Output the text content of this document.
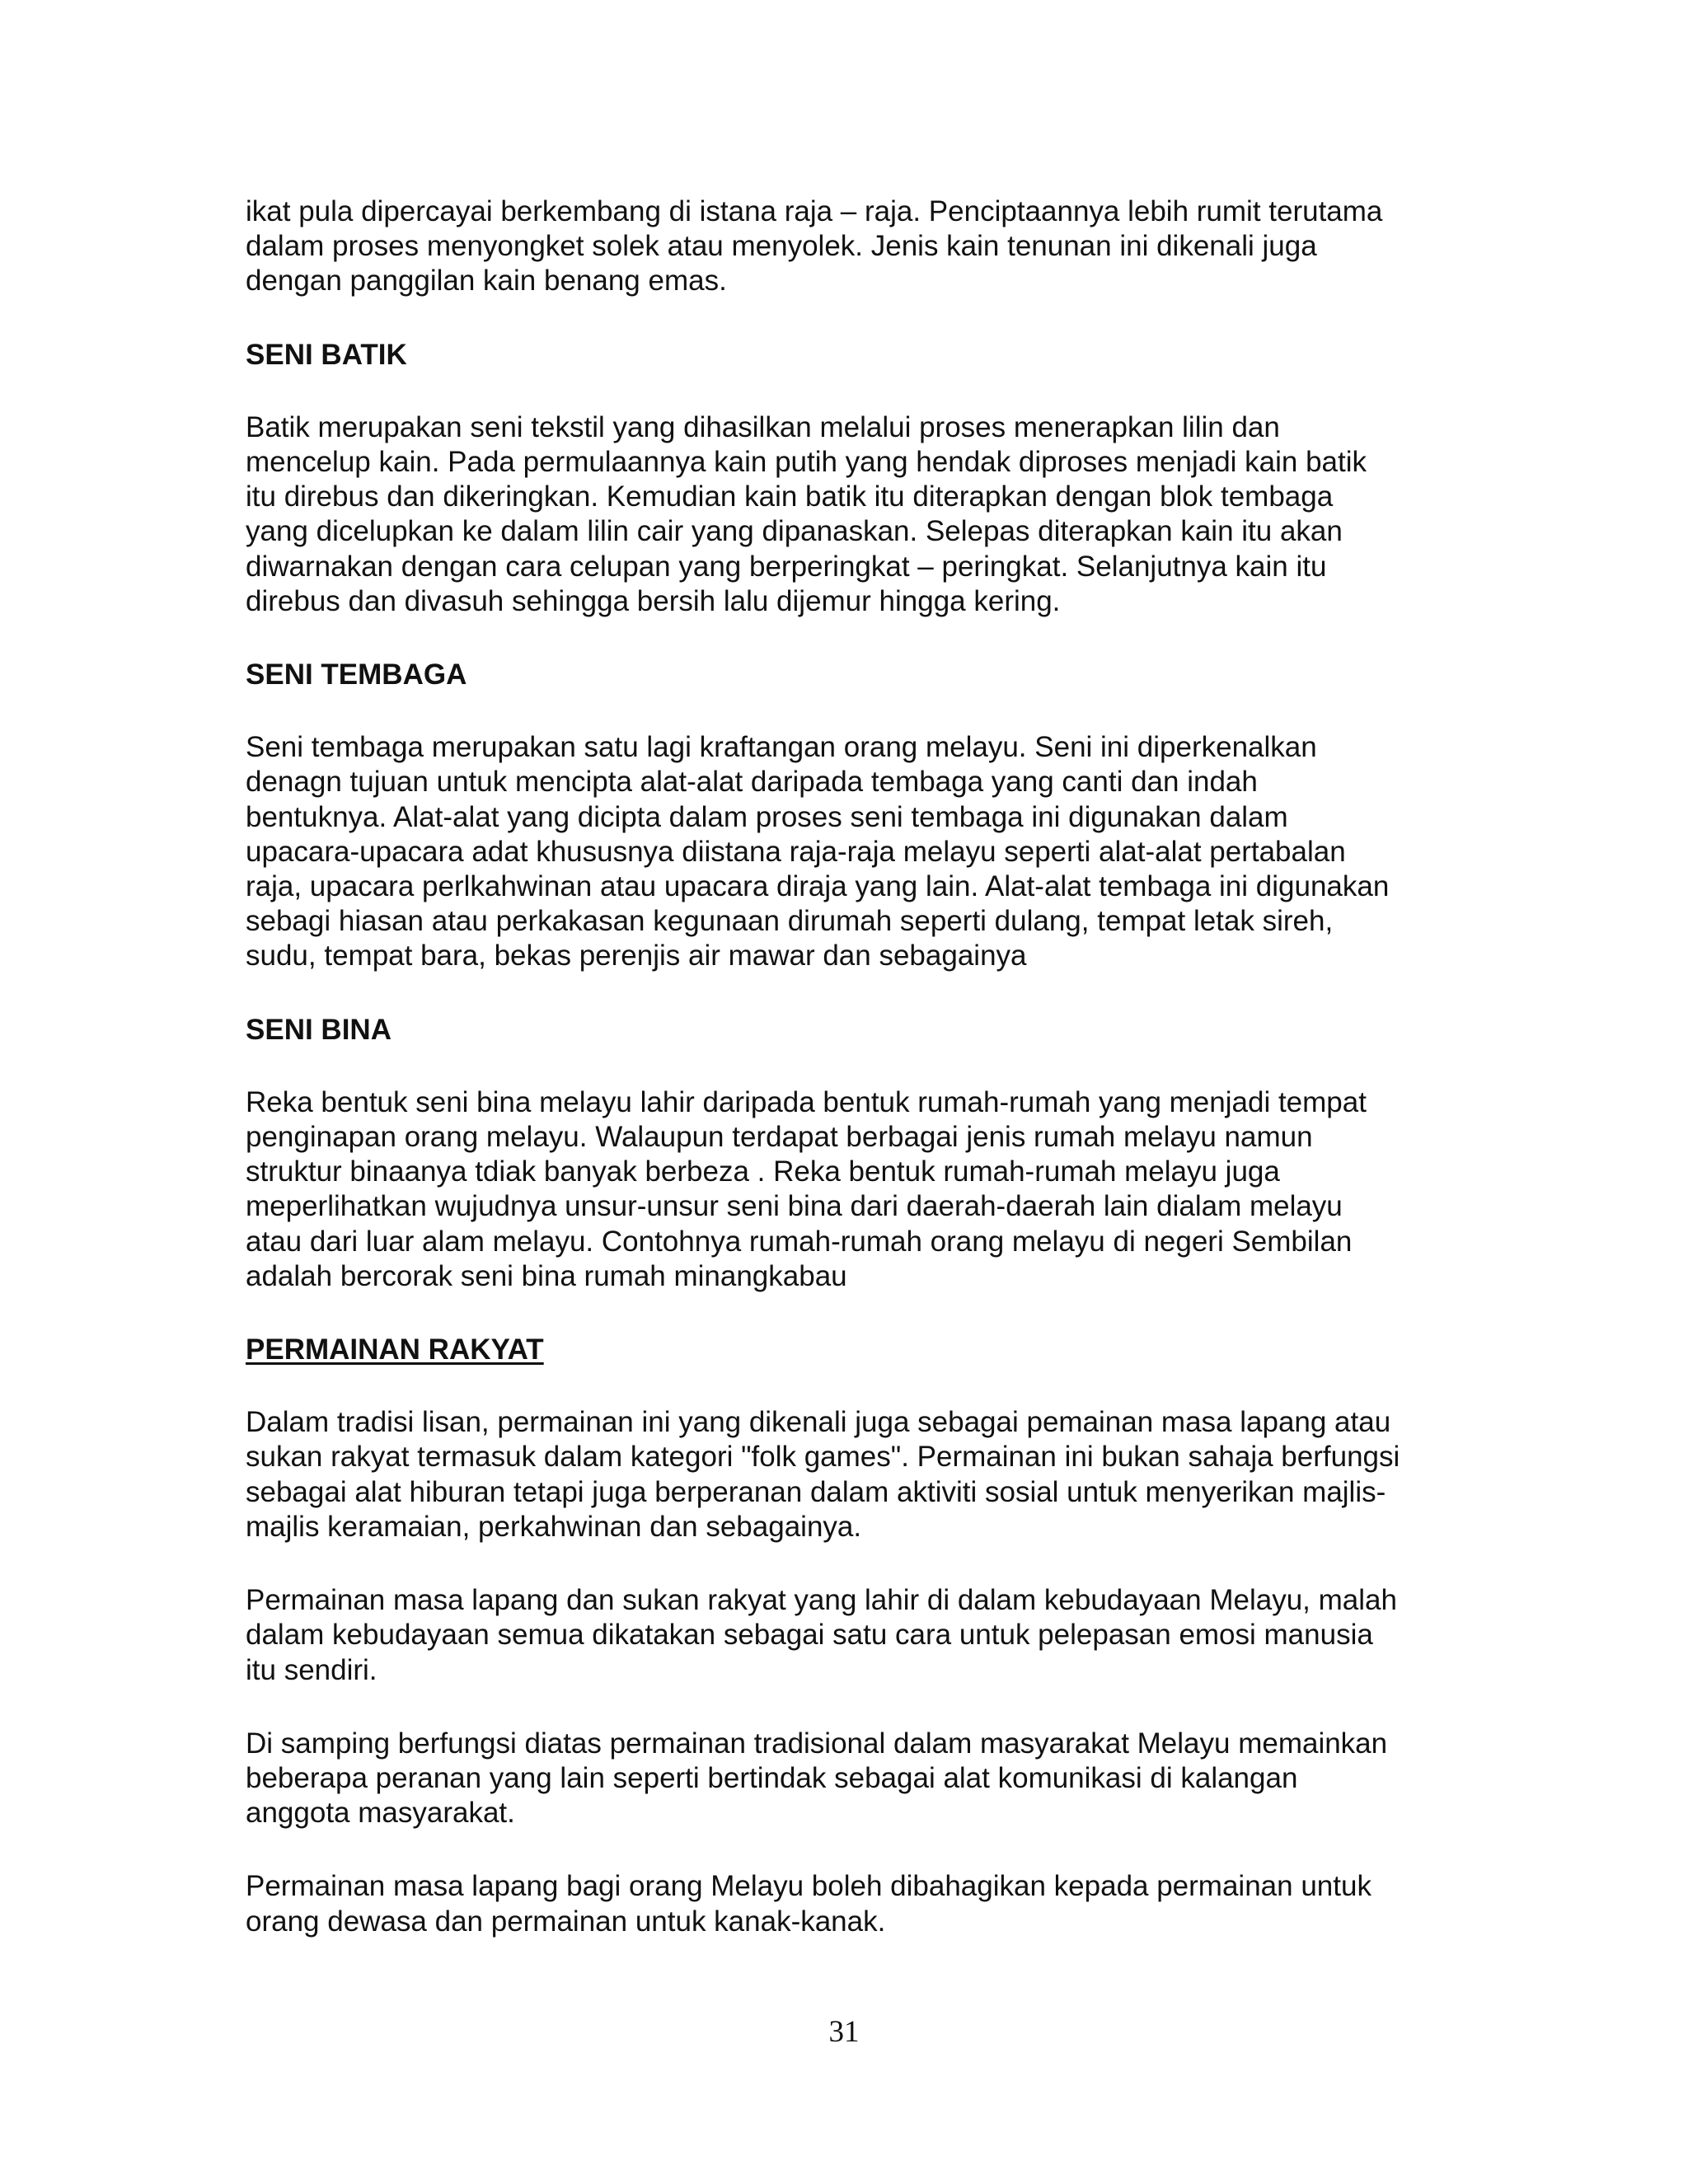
ikat pula dipercayai berkembang di istana raja – raja. Penciptaannya lebih rumit terutama
dalam proses menyongket solek atau menyolek. Jenis kain tenunan ini dikenali juga
dengan panggilan kain benang emas.

SENI BATIK

Batik merupakan seni tekstil yang dihasilkan melalui proses menerapkan lilin dan
mencelup kain. Pada permulaannya kain putih yang hendak diproses menjadi kain batik
itu direbus dan dikeringkan. Kemudian kain batik itu diterapkan dengan blok tembaga
yang dicelupkan ke dalam lilin cair yang dipanaskan. Selepas diterapkan kain itu akan
diwarnakan dengan cara celupan yang berperingkat – peringkat. Selanjutnya kain itu
direbus dan divasuh sehingga bersih lalu dijemur hingga kering.

SENI TEMBAGA

Seni tembaga merupakan satu lagi kraftangan orang melayu. Seni ini diperkenalkan
denagn tujuan untuk mencipta alat-alat daripada tembaga yang canti dan indah
bentuknya. Alat-alat yang dicipta dalam proses seni tembaga ini digunakan dalam
upacara-upacara adat khususnya diistana raja-raja melayu seperti alat-alat pertabalan
raja, upacara perlkahwinan atau upacara diraja yang lain. Alat-alat tembaga ini digunakan
sebagi hiasan atau perkakasan kegunaan dirumah seperti dulang, tempat letak sireh,
sudu, tempat bara, bekas perenjis air mawar dan sebagainya

SENI BINA

Reka bentuk seni bina melayu lahir daripada bentuk rumah-rumah yang menjadi tempat
penginapan orang melayu. Walaupun terdapat berbagai jenis rumah melayu namun
struktur binaanya tdiak banyak berbeza . Reka bentuk rumah-rumah melayu juga
meperlihatkan wujudnya unsur-unsur seni bina dari daerah-daerah lain dialam melayu
atau dari luar alam melayu. Contohnya rumah-rumah orang melayu di negeri Sembilan
adalah bercorak seni bina rumah minangkabau

PERMAINAN RAKYAT

Dalam tradisi lisan, permainan ini yang dikenali juga sebagai pemainan masa lapang atau
sukan rakyat termasuk dalam kategori "folk games". Permainan ini bukan sahaja berfungsi
sebagai alat hiburan tetapi juga berperanan dalam aktiviti sosial untuk menyerikan majlis-
majlis keramaian, perkahwinan dan sebagainya.

Permainan masa lapang dan sukan rakyat yang lahir di dalam kebudayaan Melayu, malah
dalam kebudayaan semua dikatakan sebagai satu cara untuk pelepasan emosi manusia
itu sendiri.

Di samping berfungsi diatas permainan tradisional dalam masyarakat Melayu memainkan
beberapa peranan yang lain seperti bertindak sebagai alat komunikasi di kalangan
anggota masyarakat.

Permainan masa lapang bagi orang Melayu boleh dibahagikan kepada permainan untuk
orang dewasa dan permainan untuk kanak-kanak.

31
